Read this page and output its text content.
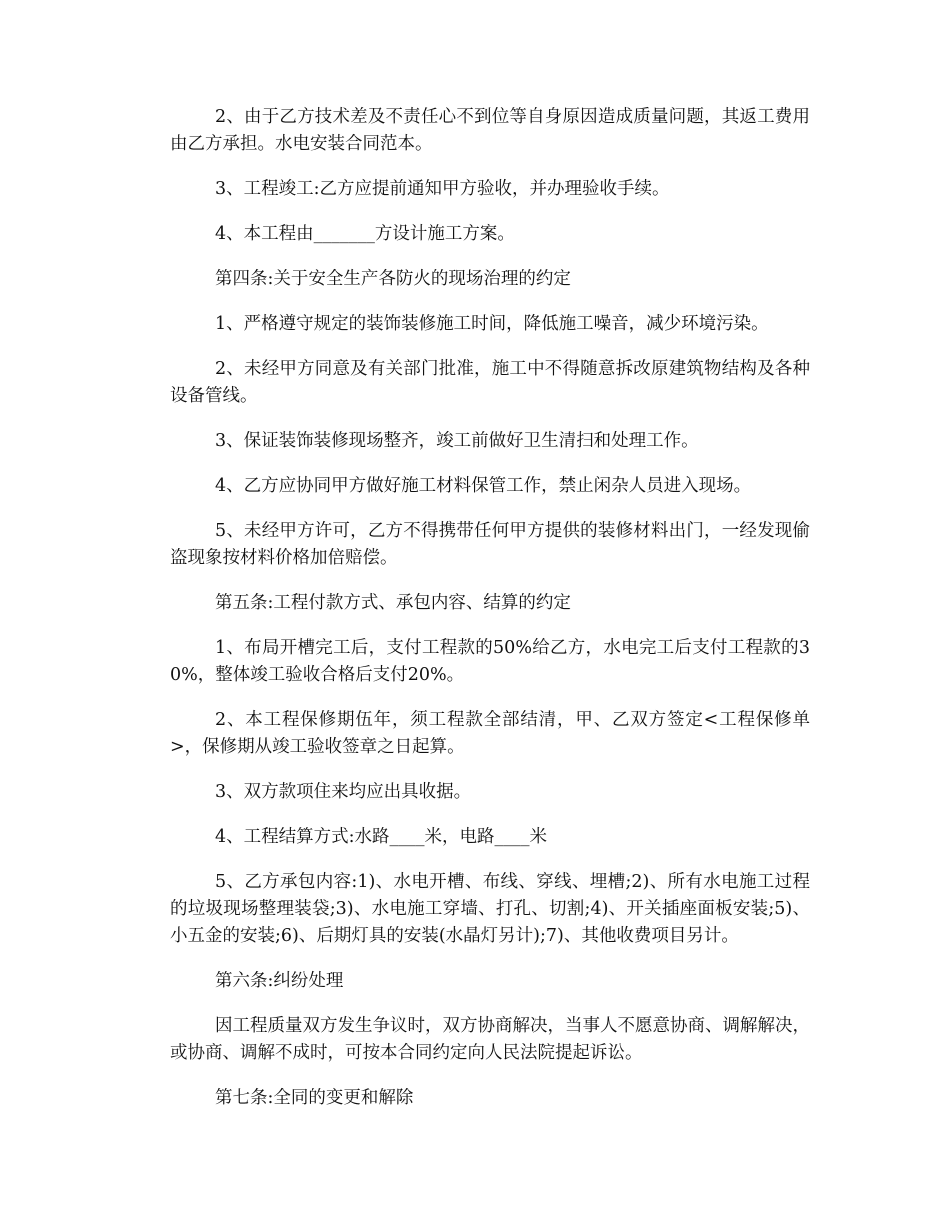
2、由于乙方技术差及不责任心不到位等自身原因造成质量问题，其返工费用由乙方承担。水电安装合同范本。

3、工程竣工:乙方应提前通知甲方验收，并办理验收手续。

4、本工程由_______方设计施工方案。

第四条:关于安全生产各防火的现场治理的约定

1、严格遵守规定的装饰装修施工时间，降低施工噪音，减少环境污染。

2、未经甲方同意及有关部门批准，施工中不得随意拆改原建筑物结构及各种设备管线。

3、保证装饰装修现场整齐，竣工前做好卫生清扫和处理工作。

4、乙方应协同甲方做好施工材料保管工作，禁止闲杂人员进入现场。

5、未经甲方许可，乙方不得携带任何甲方提供的装修材料出门，一经发现偷盗现象按材料价格加倍赔偿。

第五条:工程付款方式、承包内容、结算的约定

1、布局开槽完工后，支付工程款的50%给乙方，水电完工后支付工程款的30%，整体竣工验收合格后支付20%。

2、本工程保修期伍年，须工程款全部结清，甲、乙双方签定<工程保修单>，保修期从竣工验收签章之日起算。

3、双方款项住来均应出具收据。

4、工程结算方式:水路____米，电路____米

5、乙方承包内容:1)、水电开槽、布线、穿线、埋槽;2)、所有水电施工过程的垃圾现场整理装袋;3)、水电施工穿墙、打孔、切割;4)、开关插座面板安装;5)、小五金的安装;6)、后期灯具的安装(水晶灯另计);7)、其他收费项目另计。

第六条:纠纷处理

因工程质量双方发生争议时，双方协商解决，当事人不愿意协商、调解解决，或协商、调解不成时，可按本合同约定向人民法院提起诉讼。

第七条:全同的变更和解除
